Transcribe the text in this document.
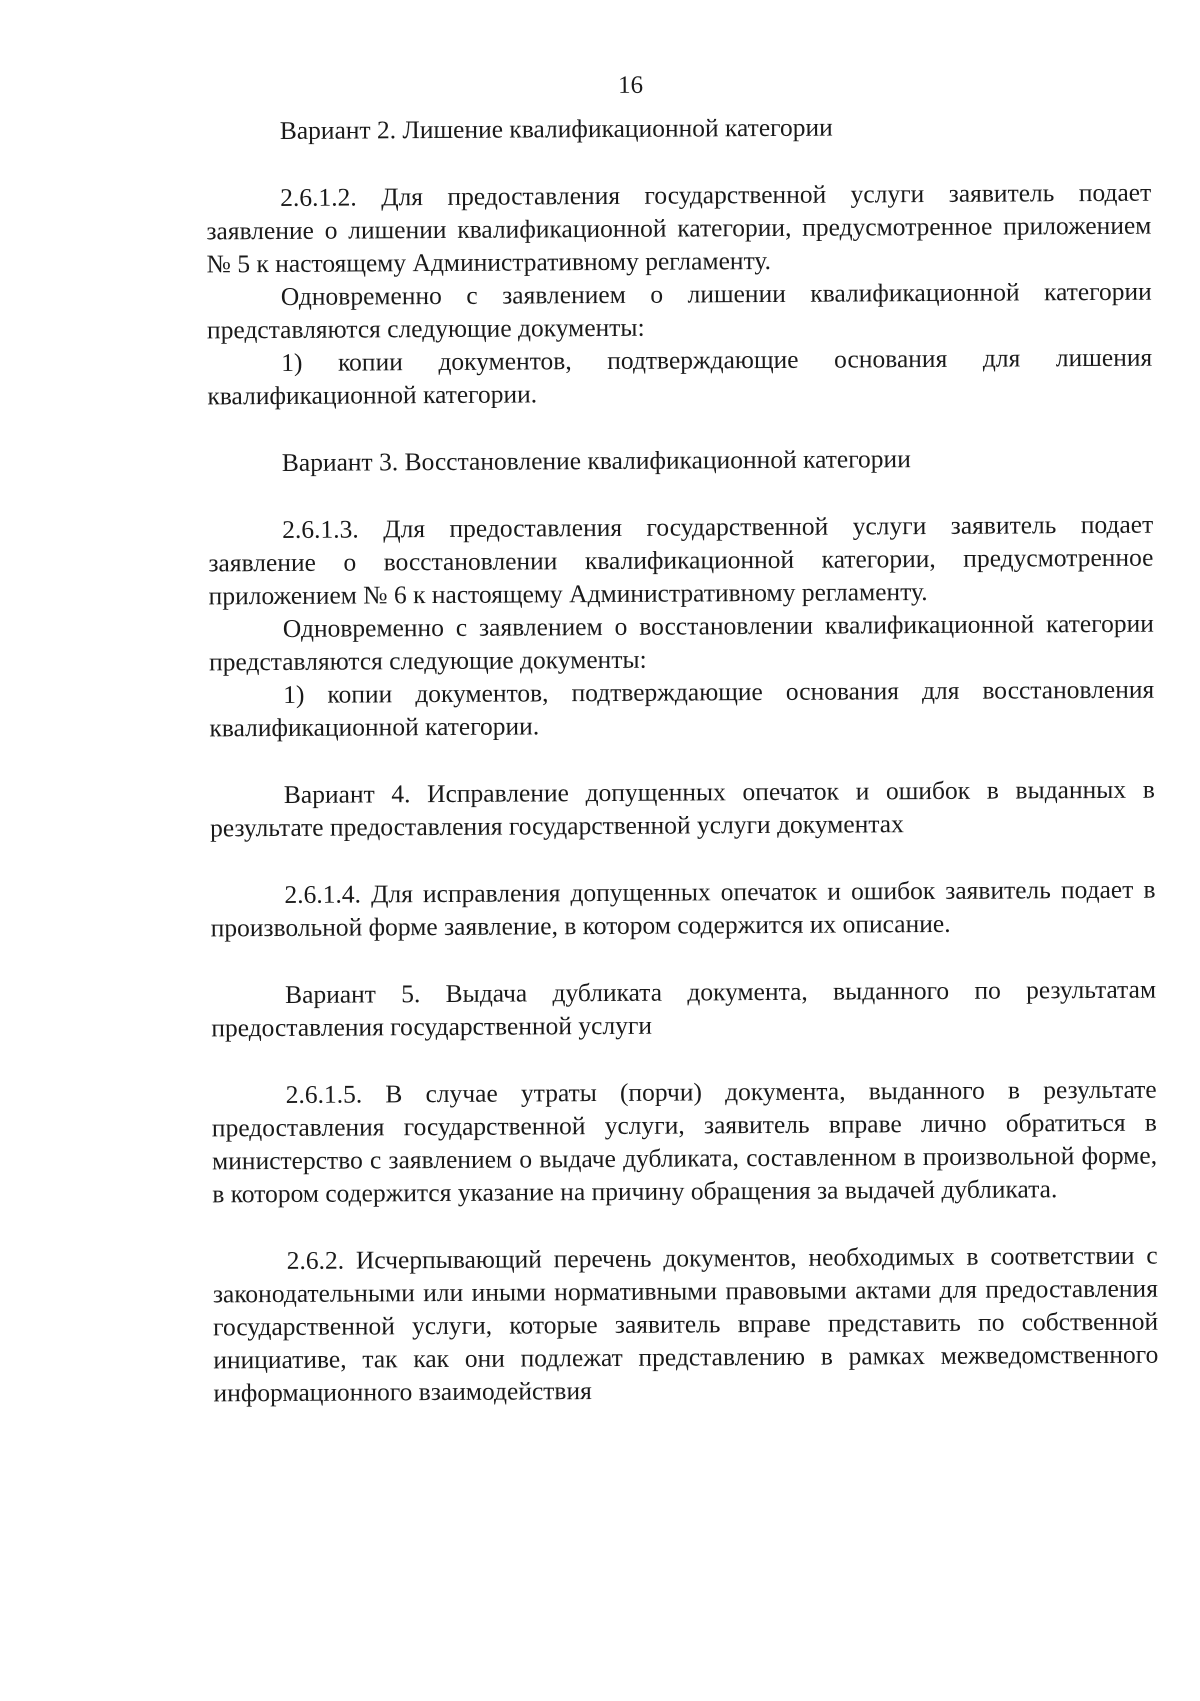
16

Вариант 2. Лишение квалификационной категории

2.6.1.2. Для предоставления государственной услуги заявитель подает заявление о лишении квалификационной категории, предусмотренное приложением № 5 к настоящему Административному регламенту.

Одновременно с заявлением о лишении квалификационной категории представляются следующие документы:

1) копии документов, подтверждающие основания для лишения квалификационной категории.

Вариант 3. Восстановление квалификационной категории

2.6.1.3. Для предоставления государственной услуги заявитель подает заявление о восстановлении квалификационной категории, предусмотренное приложением № 6 к настоящему Административному регламенту.

Одновременно с заявлением о восстановлении квалификационной категории представляются следующие документы:

1) копии документов, подтверждающие основания для восстановления квалификационной категории.

Вариант 4. Исправление допущенных опечаток и ошибок в выданных в результате предоставления государственной услуги документах

2.6.1.4. Для исправления допущенных опечаток и ошибок заявитель подает в произвольной форме заявление, в котором содержится их описание.

Вариант 5. Выдача дубликата документа, выданного по результатам предоставления государственной услуги

2.6.1.5. В случае утраты (порчи) документа, выданного в результате предоставления государственной услуги, заявитель вправе лично обратиться в министерство с заявлением о выдаче дубликата, составленном в произвольной форме, в котором содержится указание на причину обращения за выдачей дубликата.

2.6.2. Исчерпывающий перечень документов, необходимых в соответствии с законодательными или иными нормативными правовыми актами для предоставления государственной услуги, которые заявитель вправе представить по собственной инициативе, так как они подлежат представлению в рамках межведомственного информационного взаимодействия
